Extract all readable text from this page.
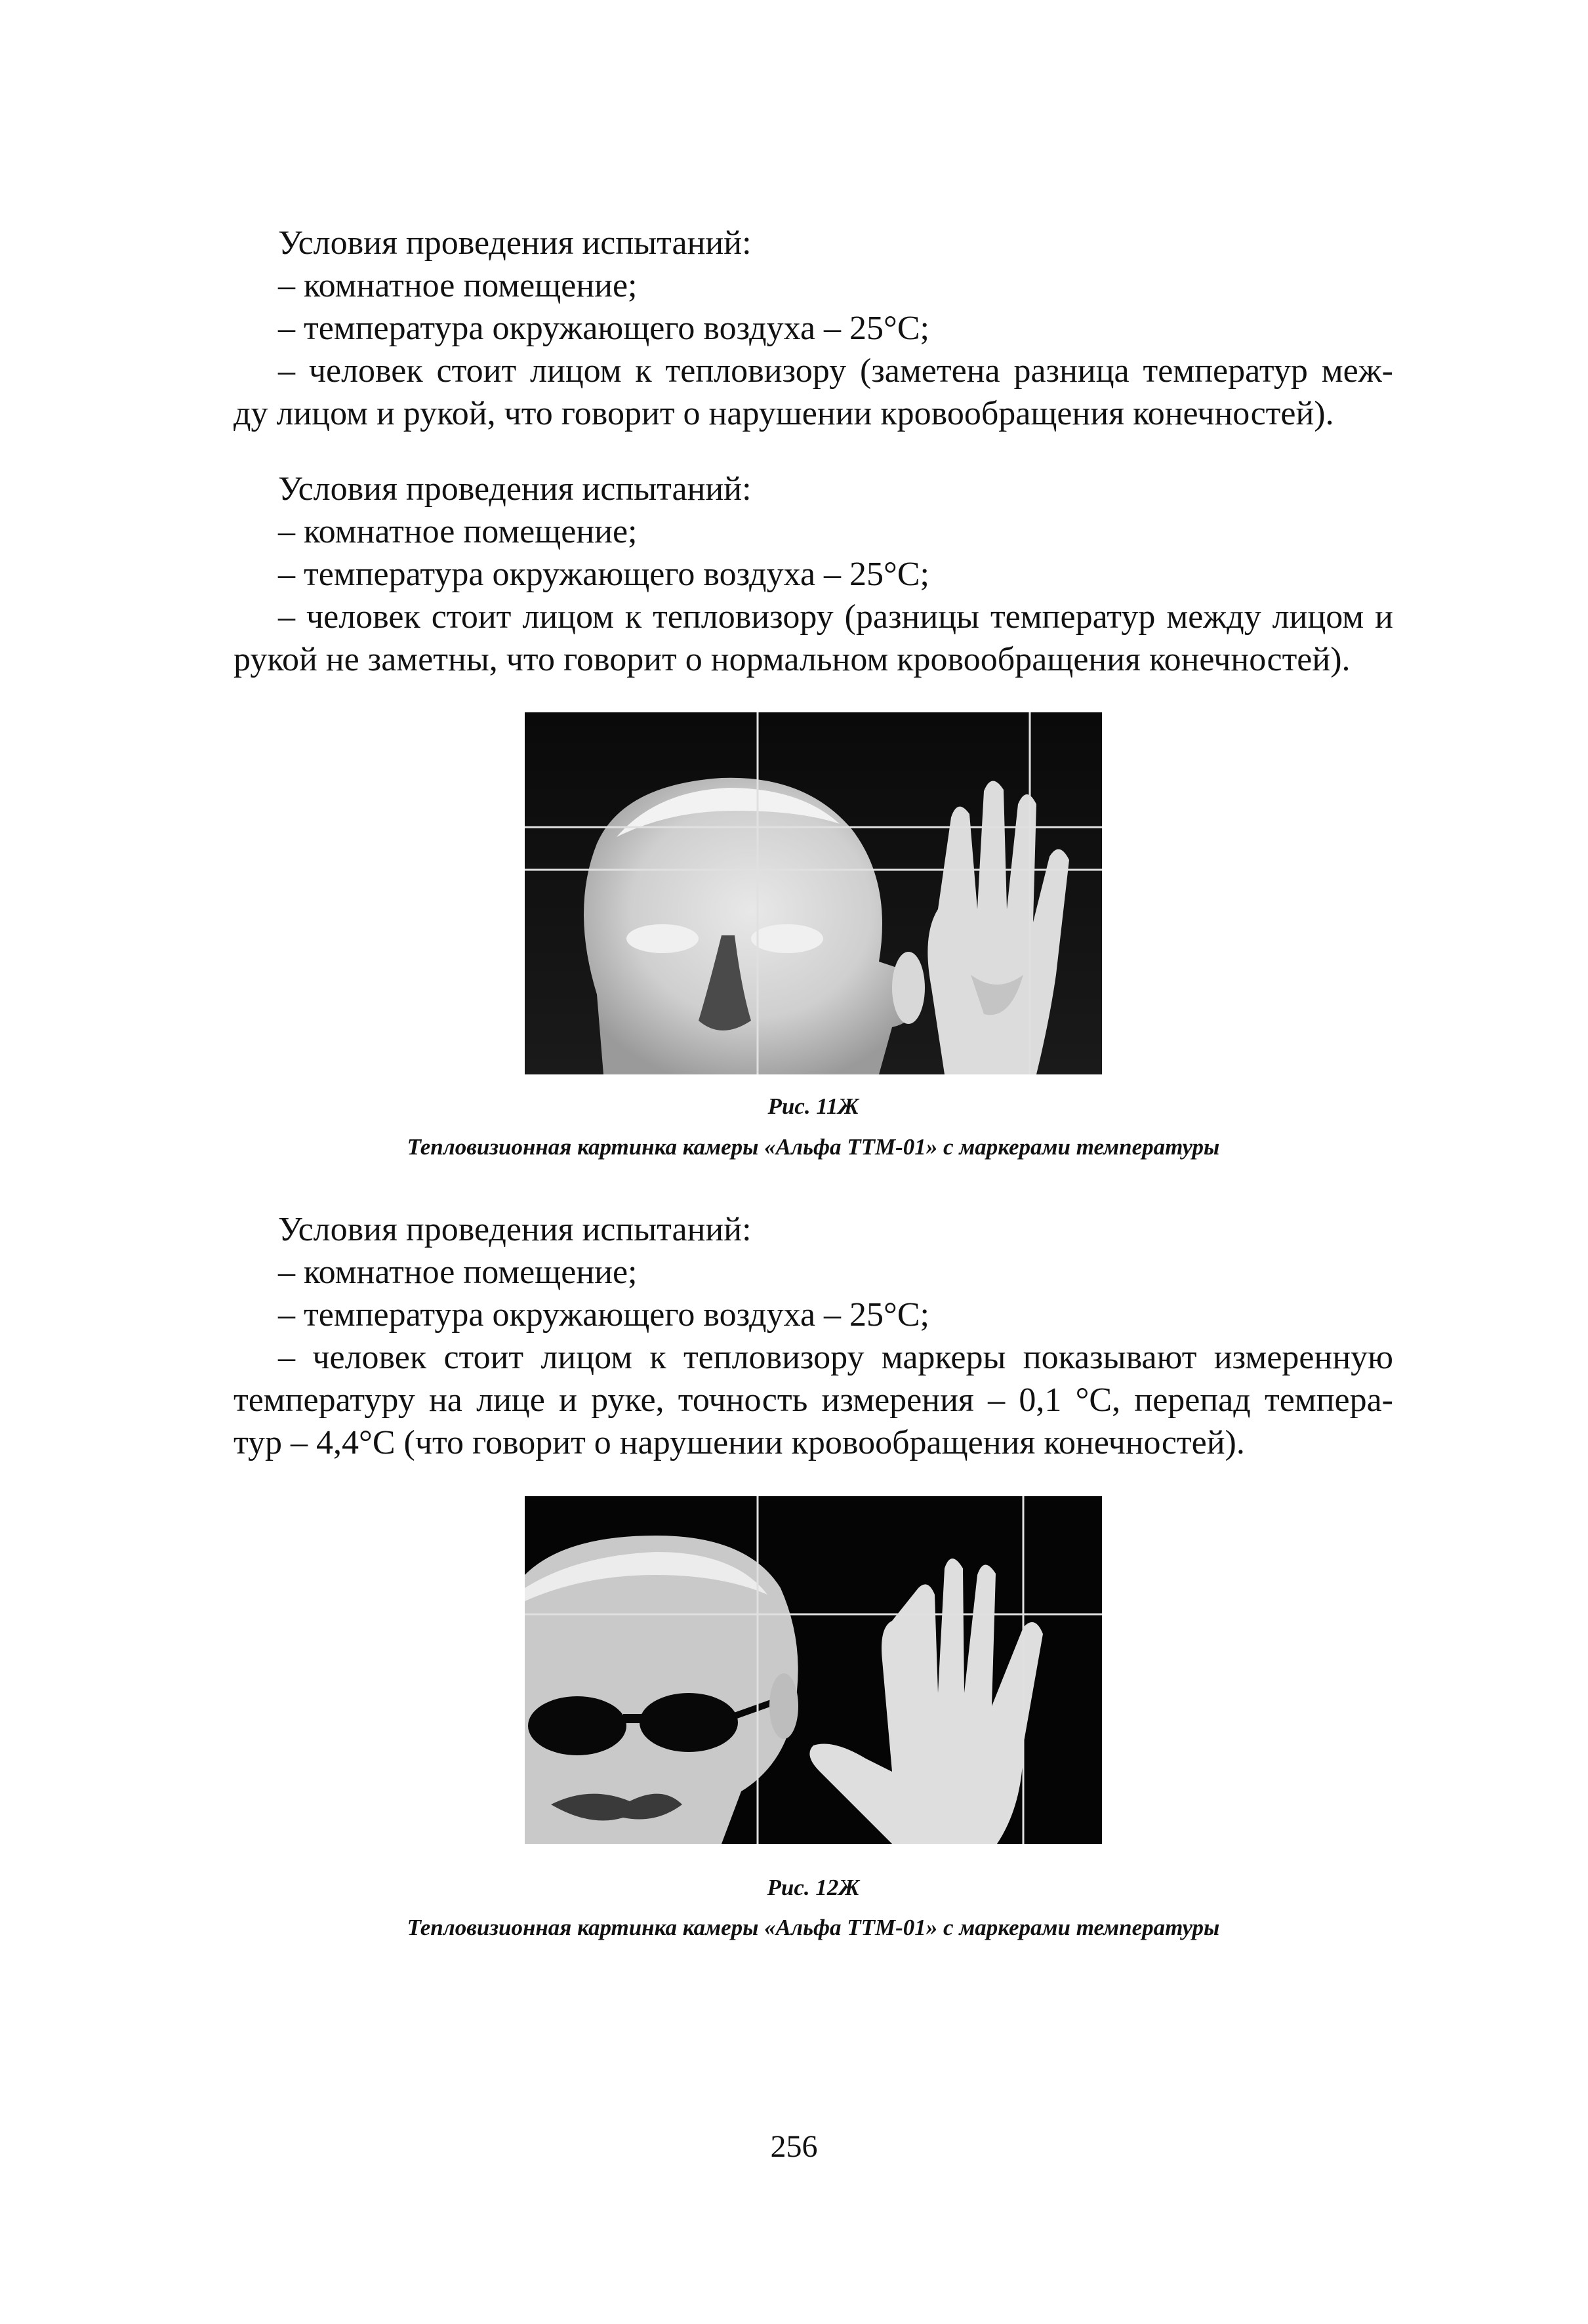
Условия проведения испытаний:
– комнатное помещение;
– температура окружающего воздуха – 25°С;
– человек стоит лицом к тепловизору (заметена разница температур меж-
ду лицом и рукой, что говорит о нарушении кровообращения конечностей).
Условия проведения испытаний:
– комнатное помещение;
– температура окружающего воздуха – 25°С;
– человек стоит лицом к тепловизору (разницы температур между лицом и
рукой не заметны, что говорит о нормальном кровообращения конечностей).
Рис. 11Ж
Тепловизионная картинка камеры «Альфа ТТМ-01» с маркерами температуры
Условия проведения испытаний:
– комнатное помещение;
– температура окружающего воздуха – 25°С;
– человек стоит лицом к тепловизору маркеры показывают измеренную
температуру на лице и руке, точность измерения – 0,1 °С, перепад темпера-
тур – 4,4°С (что говорит о нарушении кровообращения конечностей).
Рис. 12Ж
Тепловизионная картинка камеры «Альфа ТТМ-01» с маркерами температуры
256
